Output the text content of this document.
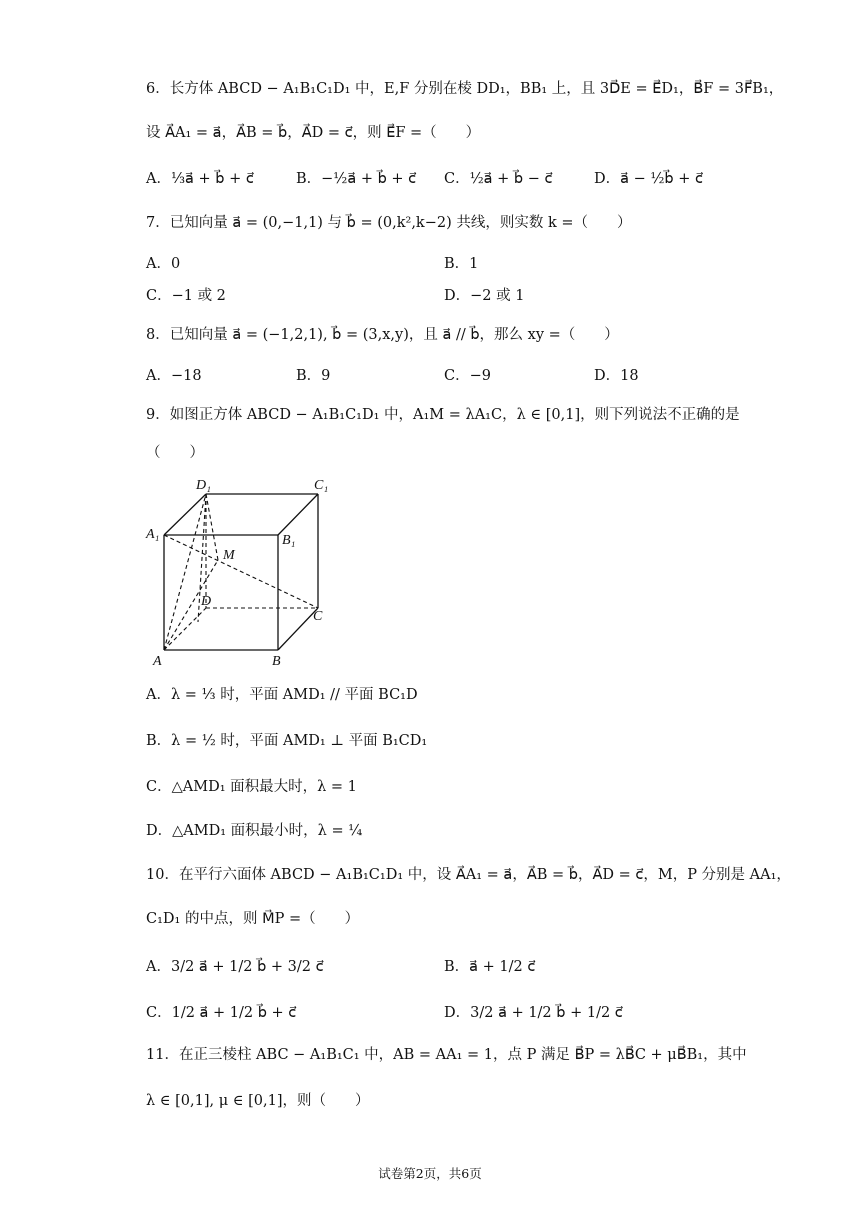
6．长方体 ABCD − A₁B₁C₁D₁ 中，E,F 分别在棱 DD₁，BB₁ 上，且 3D⃗E = E⃗D₁，B⃗F = 3F⃗B₁，
设 A⃗A₁ = a⃗，A⃗B = b⃗，A⃗D = c⃗，则 E⃗F =（　　）
A．⅓a⃗ + b⃗ + c⃗	B．−½a⃗ + b⃗ + c⃗ C．½a⃗ + b⃗ − c⃗	D．a⃗ − ½b⃗ + c⃗
7．已知向量 a⃗ = (0,−1,1) 与 b⃗ = (0,k²,k−2) 共线，则实数 k =（　　）
A．0	B．1
C．−1 或 2	D．−2 或 1
8．已知向量 a⃗ = (−1,2,1), b⃗ = (3,x,y)，且 a⃗ // b⃗，那么 xy =（　　）
A．−18	B．9	C．−9	D．18
9．如图正方体 ABCD − A₁B₁C₁D₁ 中，A₁M = λA₁C，λ ∈ [0,1]，则下列说法不正确的是
（　　）
D₁	C₁
A₁	B₁
M
D
C
A	B
A．λ = ⅓ 时，平面 AMD₁ // 平面 BC₁D
B．λ = ½ 时，平面 AMD₁ ⊥ 平面 B₁CD₁
C．△AMD₁ 面积最大时，λ = 1
D．△AMD₁ 面积最小时，λ = ¼
10．在平行六面体 ABCD − A₁B₁C₁D₁ 中，设 A⃗A₁ = a⃗，A⃗B = b⃗，A⃗D = c⃗，M，P 分别是 AA₁，
C₁D₁ 的中点，则 M⃗P =（　　）
A．3/2 a⃗ + 1/2 b⃗ + 3/2 c⃗	B．a⃗ + 1/2 c⃗
C．1/2 a⃗ + 1/2 b⃗ + c⃗	D．3/2 a⃗ + 1/2 b⃗ + 1/2 c⃗
11．在正三棱柱 ABC − A₁B₁C₁ 中，AB = AA₁ = 1，点 P 满足 B⃗P = λB⃗C + μB⃗B₁，其中
λ ∈ [0,1], μ ∈ [0,1]，则（　　）
试卷第2页，共6页
